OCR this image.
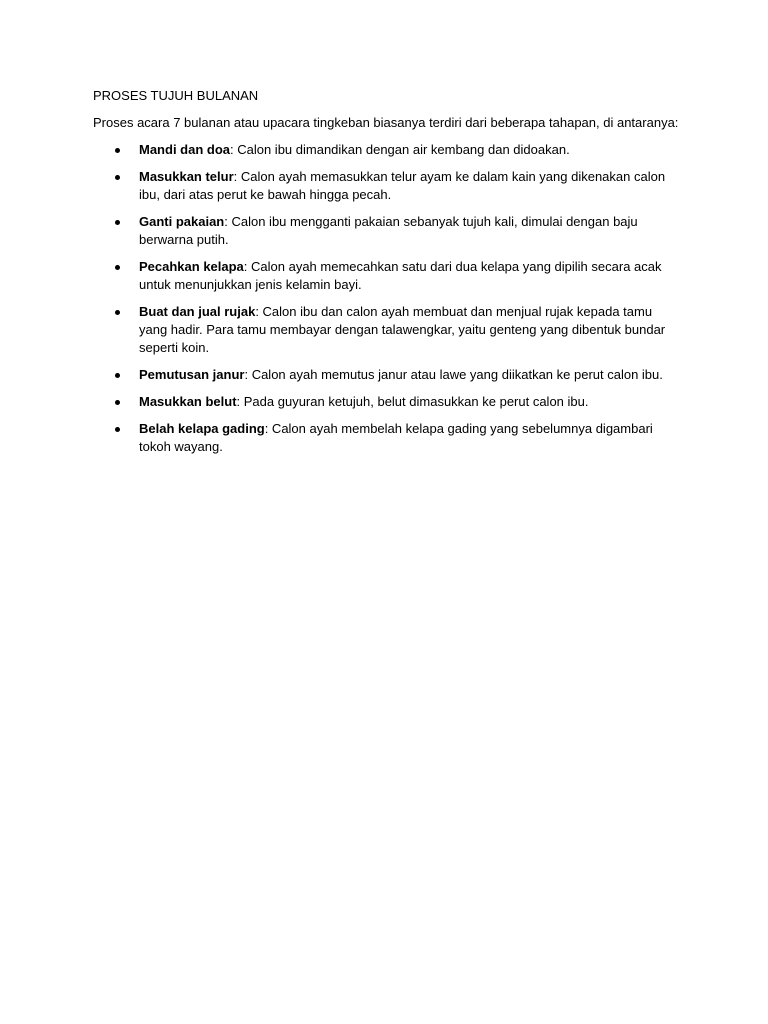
PROSES TUJUH BULANAN

Proses acara 7 bulanan atau upacara tingkeban biasanya terdiri dari beberapa tahapan, di antaranya:

Mandi dan doa: Calon ibu dimandikan dengan air kembang dan didoakan.
Masukkan telur: Calon ayah memasukkan telur ayam ke dalam kain yang dikenakan calon ibu, dari atas perut ke bawah hingga pecah.
Ganti pakaian: Calon ibu mengganti pakaian sebanyak tujuh kali, dimulai dengan baju berwarna putih.
Pecahkan kelapa: Calon ayah memecahkan satu dari dua kelapa yang dipilih secara acak untuk menunjukkan jenis kelamin bayi.
Buat dan jual rujak: Calon ibu dan calon ayah membuat dan menjual rujak kepada tamu yang hadir. Para tamu membayar dengan talawengkar, yaitu genteng yang dibentuk bundar seperti koin.
Pemutusan janur: Calon ayah memutus janur atau lawe yang diikatkan ke perut calon ibu.
Masukkan belut: Pada guyuran ketujuh, belut dimasukkan ke perut calon ibu.
Belah kelapa gading: Calon ayah membelah kelapa gading yang sebelumnya digambari tokoh wayang.
